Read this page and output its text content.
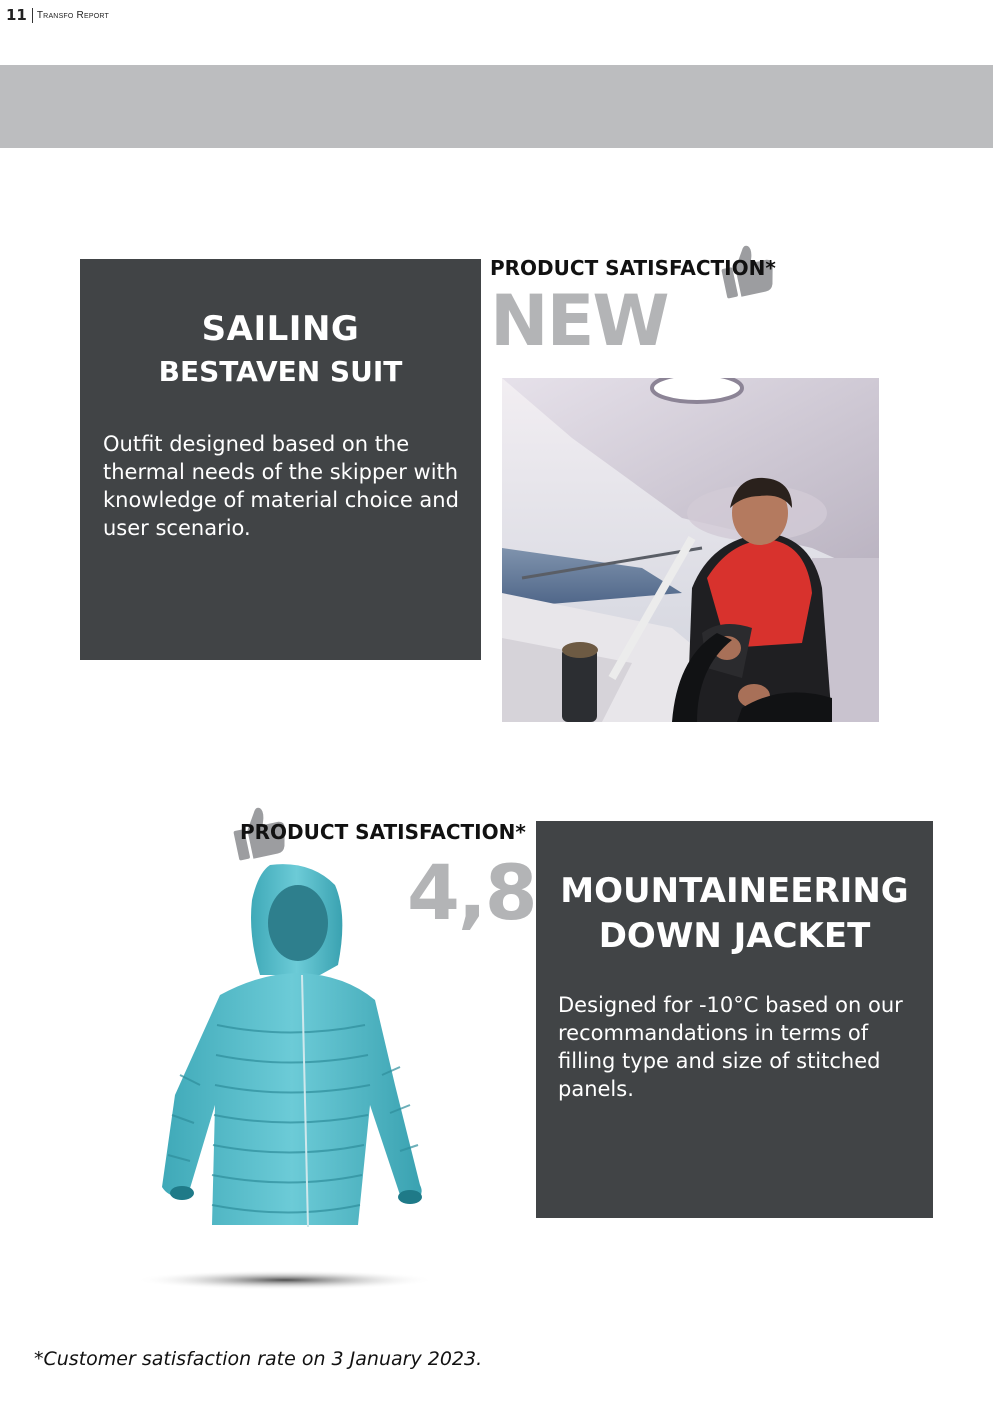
11 Transfo Report
SAILING
BESTAVEN SUIT
Outfit designed based on the thermal needs of the skipper with knowledge of material choice and user scenario.
PRODUCT SATISFACTION*
NEW
MOUNTAINEERING
DOWN JACKET
Designed for -10°C based on our recommandations in terms of filling type and size of stitched panels.
PRODUCT SATISFACTION*
4,8
*Customer satisfaction rate on 3 January 2023.
